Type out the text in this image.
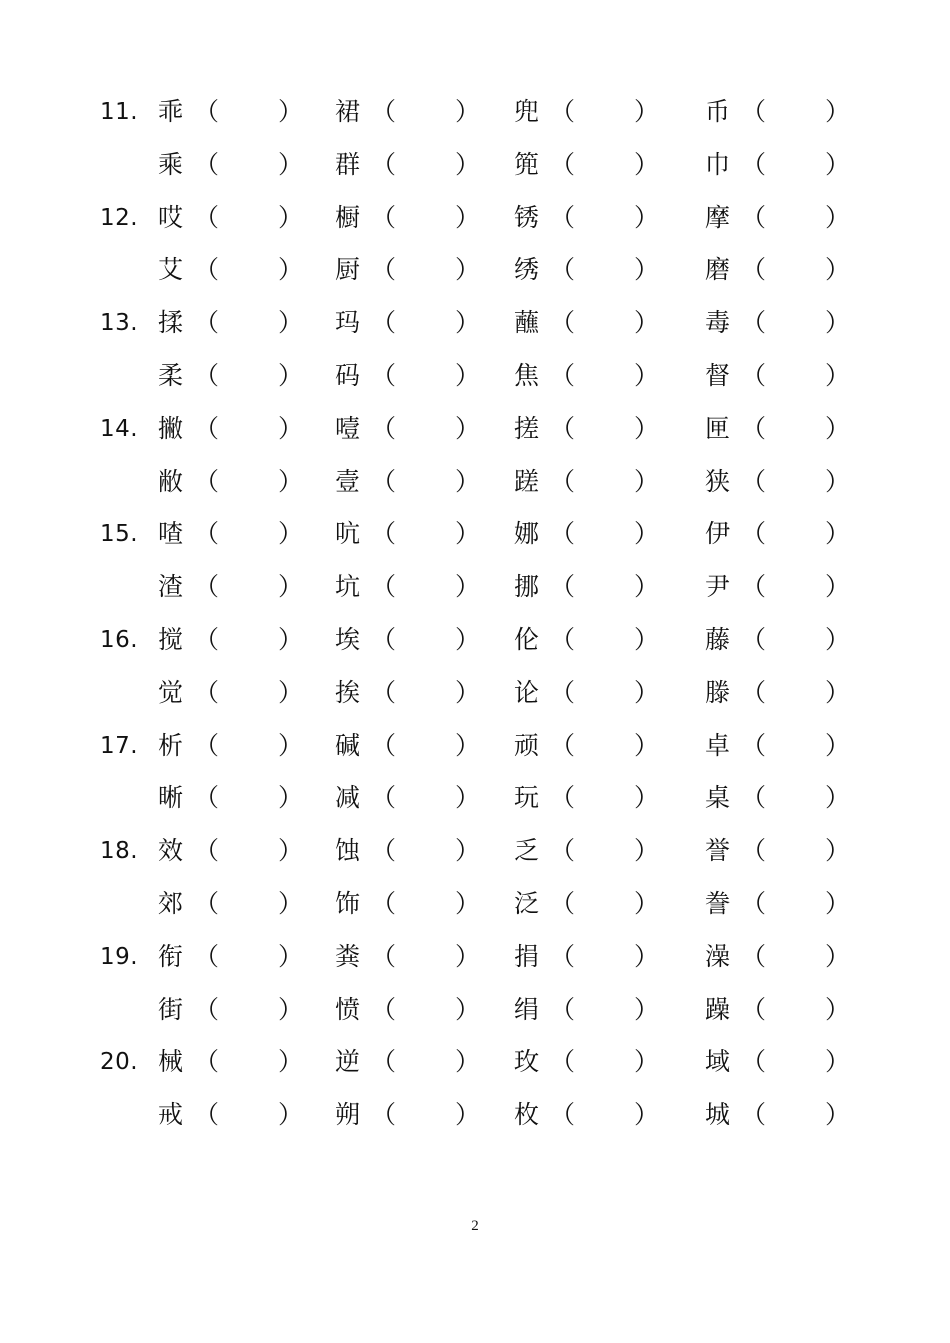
11. 乖 （ ） 裙 （ ） 兜 （ ） 币 （ ）
乘 （ ） 群 （ ） 篼 （ ） 巾 （ ）
12. 哎 （ ） 橱 （ ） 锈 （ ） 摩 （ ）
艾 （ ） 厨 （ ） 绣 （ ） 磨 （ ）
13. 揉 （ ） 玛 （ ） 蘸 （ ） 毒 （ ）
柔 （ ） 码 （ ） 焦 （ ） 督 （ ）
14. 撇 （ ） 噎 （ ） 搓 （ ） 匣 （ ）
敝 （ ） 壹 （ ） 蹉 （ ） 狭 （ ）
15. 喳 （ ） 吭 （ ） 娜 （ ） 伊 （ ）
渣 （ ） 坑 （ ） 挪 （ ） 尹 （ ）
16. 搅 （ ） 埃 （ ） 伦 （ ） 藤 （ ）
觉 （ ） 挨 （ ） 论 （ ） 滕 （ ）
17. 析 （ ） 碱 （ ） 顽 （ ） 卓 （ ）
晰 （ ） 减 （ ） 玩 （ ） 桌 （ ）
18. 效 （ ） 蚀 （ ） 乏 （ ） 誉 （ ）
郊 （ ） 饰 （ ） 泛 （ ） 誊 （ ）
19. 衔 （ ） 粪 （ ） 捐 （ ） 澡 （ ）
街 （ ） 愤 （ ） 绢 （ ） 躁 （ ）
20. 械 （ ） 逆 （ ） 玫 （ ） 域 （ ）
戒 （ ） 朔 （ ） 枚 （ ） 城 （ ）
2
